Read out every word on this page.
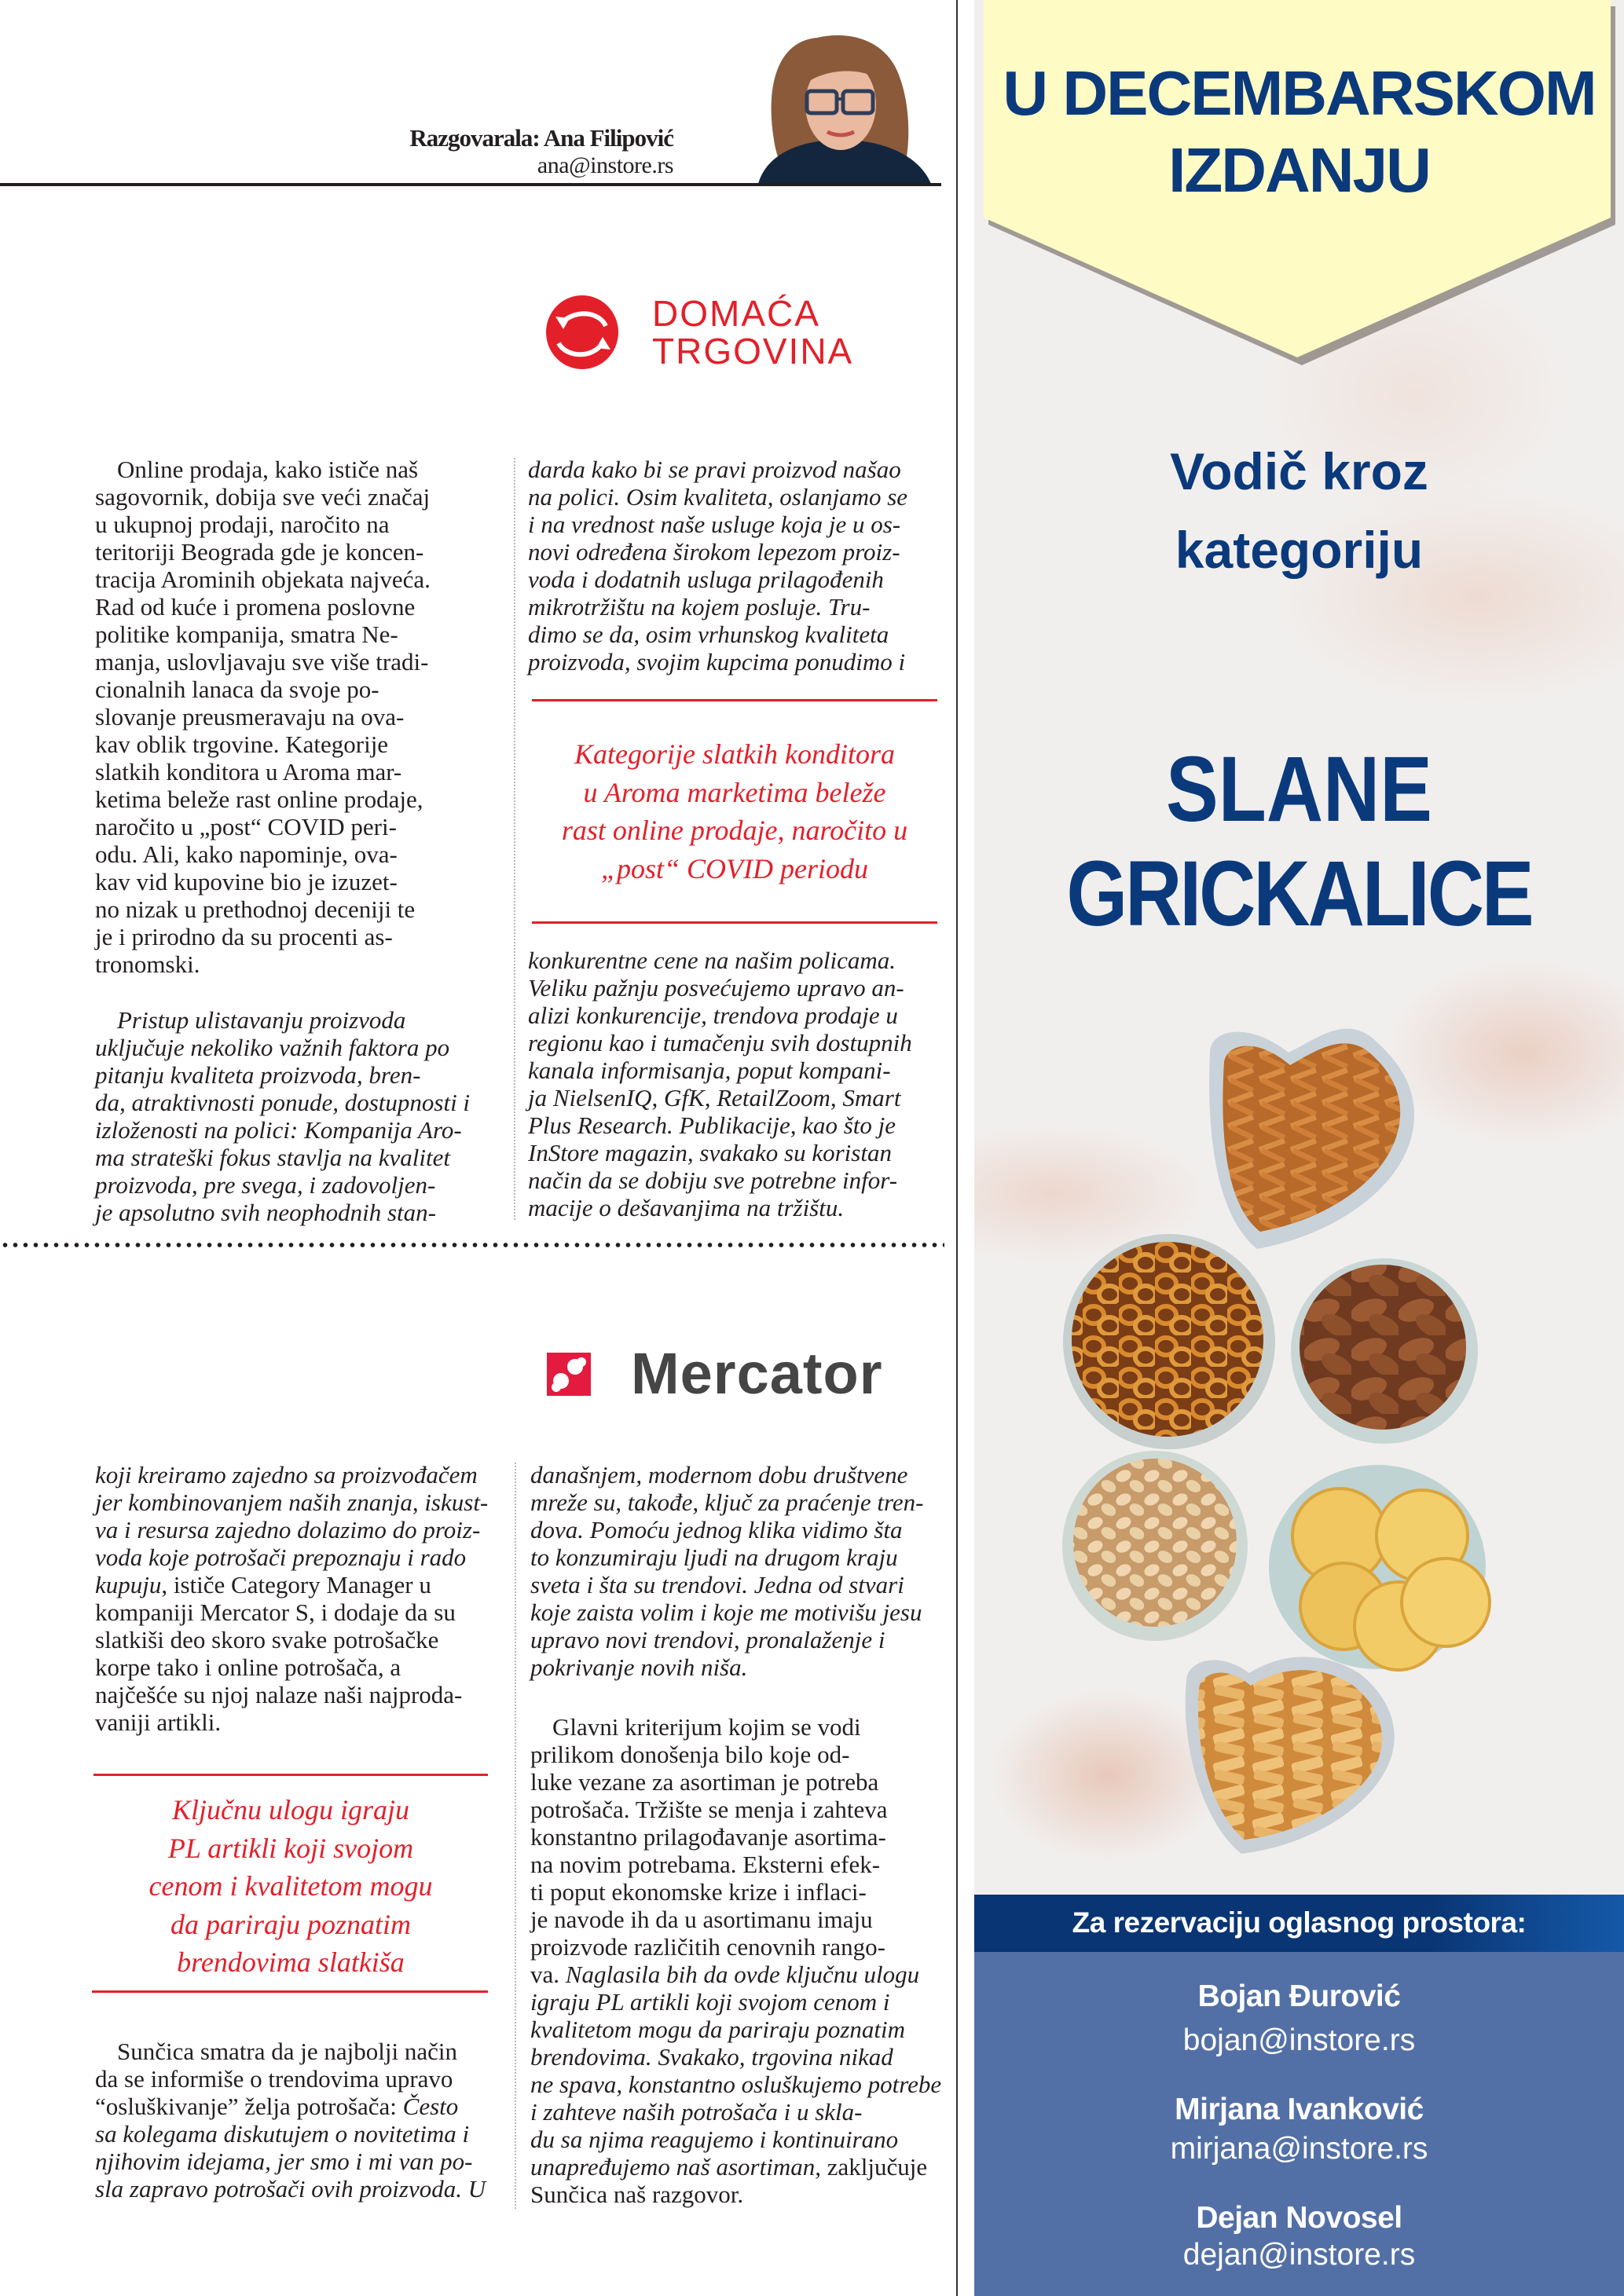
Razgovarala: Ana Filipović
ana@instore.rs
DOMAĆA
TRGOVINA
Online prodaja, kako ističe naš
sagovornik, dobija sve veći značaj
u ukupnoj prodaji, naročito na
teritoriji Beograda gde je koncen-
tracija Arominih objekata najveća.
Rad od kuće i promena poslovne
politike kompanija, smatra Ne-
manja, uslovljavaju sve više tradi-
cionalnih lanaca da svoje po-
slovanje preusmeravaju na ova-
kav oblik trgovine. Kategorije
slatkih konditora u Aroma mar-
ketima beleže rast online prodaje,
naročito u „post“ COVID peri-
odu. Ali, kako napominje, ova-
kav vid kupovine bio je izuzet-
no nizak u prethodnoj deceniji te
je i prirodno da su procenti as-
tronomski.
Pristup ulistavanju proizvoda
uključuje nekoliko važnih faktora po
pitanju kvaliteta proizvoda, bren-
da, atraktivnosti ponude, dostupnosti i
izloženosti na polici: Kompanija Aro-
ma strateški fokus stavlja na kvalitet
proizvoda, pre svega, i zadovoljen-
je apsolutno svih neophodnih stan-
darda kako bi se pravi proizvod našao
na polici. Osim kvaliteta, oslanjamo se
i na vrednost naše usluge koja je u os-
novi određena širokom lepezom proiz-
voda i dodatnih usluga prilagođenih
mikrotržištu na kojem posluje. Tru-
dimo se da, osim vrhunskog kvaliteta
proizvoda, svojim kupcima ponudimo i
Kategorije slatkih konditora
u Aroma marketima beleže
rast online prodaje, naročito u
„post“ COVID periodu
konkurentne cene na našim policama.
Veliku pažnju posvećujemo upravo an-
alizi konkurencije, trendova prodaje u
regionu kao i tumačenju svih dostupnih
kanala informisanja, poput kompani-
ja NielsenIQ, GfK, RetailZoom, Smart
Plus Research. Publikacije, kao što je
InStore magazin, svakako su koristan
način da se dobiju sve potrebne infor-
macije o dešavanjima na tržištu.
Mercator
koji kreiramo zajedno sa proizvođačem
jer kombinovanjem naših znanja, iskust-
va i resursa zajedno dolazimo do proiz-
voda koje potrošači prepoznaju i rado
kupuju, ističe Category Manager u
kompaniji Mercator S, i dodaje da su
slatkiši deo skoro svake potrošačke
korpe tako i online potrošača, a
najčešće su njoj nalaze naši najproda-
vaniji artikli.
Ključnu ulogu igraju
PL artikli koji svojom
cenom i kvalitetom mogu
da pariraju poznatim
brendovima slatkiša
Sunčica smatra da je najbolji način
da se informiše o trendovima upravo
“osluškivanje” želja potrošača: Često
sa kolegama diskutujem o novitetima i
njihovim idejama, jer smo i mi van po-
sla zapravo potrošači ovih proizvoda. U
današnjem, modernom dobu društvene
mreže su, takođe, ključ za praćenje tren-
dova. Pomoću jednog klika vidimo šta
to konzumiraju ljudi na drugom kraju
sveta i šta su trendovi. Jedna od stvari
koje zaista volim i koje me motivišu jesu
upravo novi trendovi, pronalaženje i
pokrivanje novih niša.
Glavni kriterijum kojim se vodi
prilikom donošenja bilo koje od-
luke vezane za asortiman je potreba
potrošača. Tržište se menja i zahteva
konstantno prilagođavanje asortima-
na novim potrebama. Eksterni efek-
ti poput ekonomske krize i inflaci-
je navode ih da u asortimanu imaju
proizvode različitih cenovnih rango-
va. Naglasila bih da ovde ključnu ulogu
igraju PL artikli koji svojom cenom i
kvalitetom mogu da pariraju poznatim
brendovima. Svakako, trgovina nikad
ne spava, konstantno osluškujemo potrebe
i zahteve naših potrošača i u skla-
du sa njima reagujemo i kontinuirano
unapređujemo naš asortiman, zaključuje
Sunčica naš razgovor.
U DECEMBARSKOM
IZDANJU
Vodič kroz
kategoriju
SLANE
GRICKALICE
Za rezervaciju oglasnog prostora:
Bojan Đurović
bojan@instore.rs
Mirjana Ivanković
mirjana@instore.rs
Dejan Novosel
dejan@instore.rs
